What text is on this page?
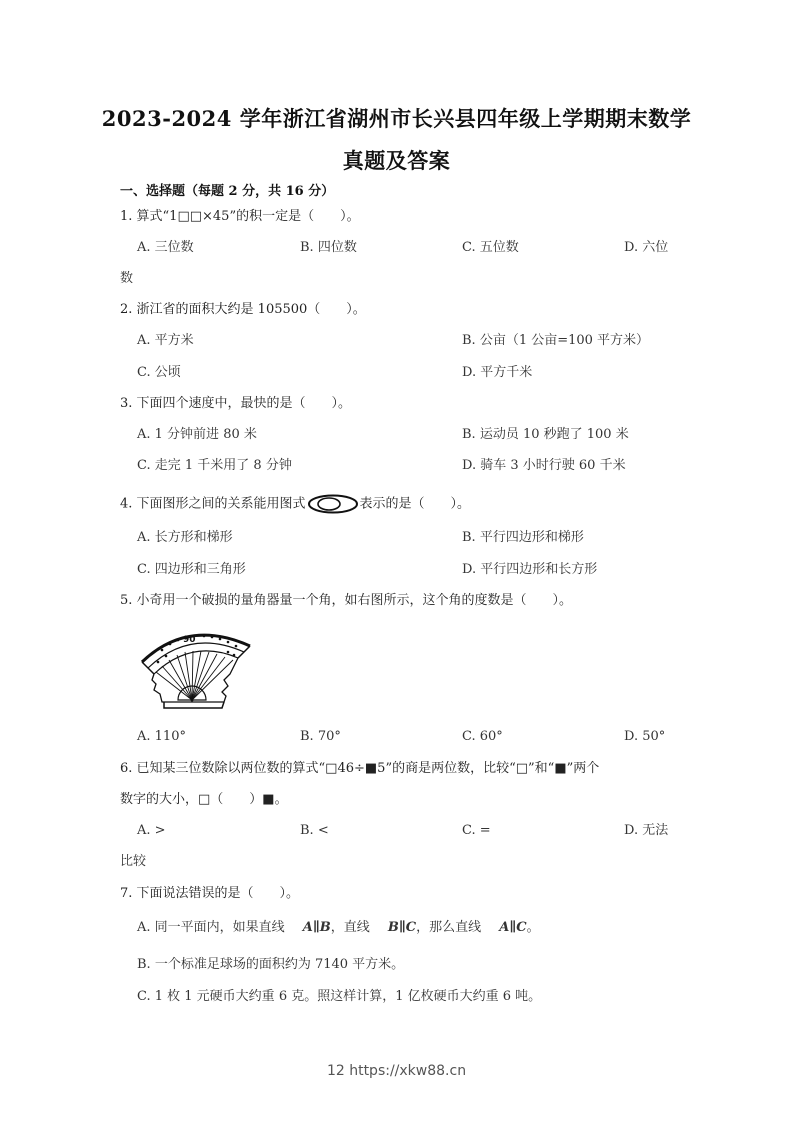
2023-2024 学年浙江省湖州市长兴县四年级上学期期末数学
真题及答案
一、选择题（每题 2 分，共 16 分）
1. 算式“1□□×45”的积一定是（　　）。
A. 三位数	B. 四位数	C. 五位数	D. 六位
数
2. 浙江省的面积大约是 105500（　　）。
A. 平方米	B. 公亩（1 公亩=100 平方米）
C. 公顷	D. 平方千米
3. 下面四个速度中，最快的是（　　）。
A. 1 分钟前进 80 米	B. 运动员 10 秒跑了 100 米
C. 走完 1 千米用了 8 分钟	D. 骑车 3 小时行驶 60 千米
4. 下面图形之间的关系能用图式	表示的是（　　）。
A. 长方形和梯形	B. 平行四边形和梯形
C. 四边形和三角形	D. 平行四边形和长方形
5. 小奇用一个破损的量角器量一个角，如右图所示，这个角的度数是（　　）。
90
A. 110°	B. 70°	C. 60°	D. 50°
6. 已知某三位数除以两位数的算式“□46÷■5”的商是两位数，比较“□”和“■”两个
数字的大小，□（　　）■。
A. >	B. <	C. =	D. 无法
比较
7. 下面说法错误的是（　　）。
A. 同一平面内，如果直线 A∥B，直线 B∥C，那么直线 A∥C。
B. 一个标准足球场的面积约为 7140 平方米。
C. 1 枚 1 元硬币大约重 6 克。照这样计算，1 亿枚硬币大约重 6 吨。
12 https://xkw88.cn
